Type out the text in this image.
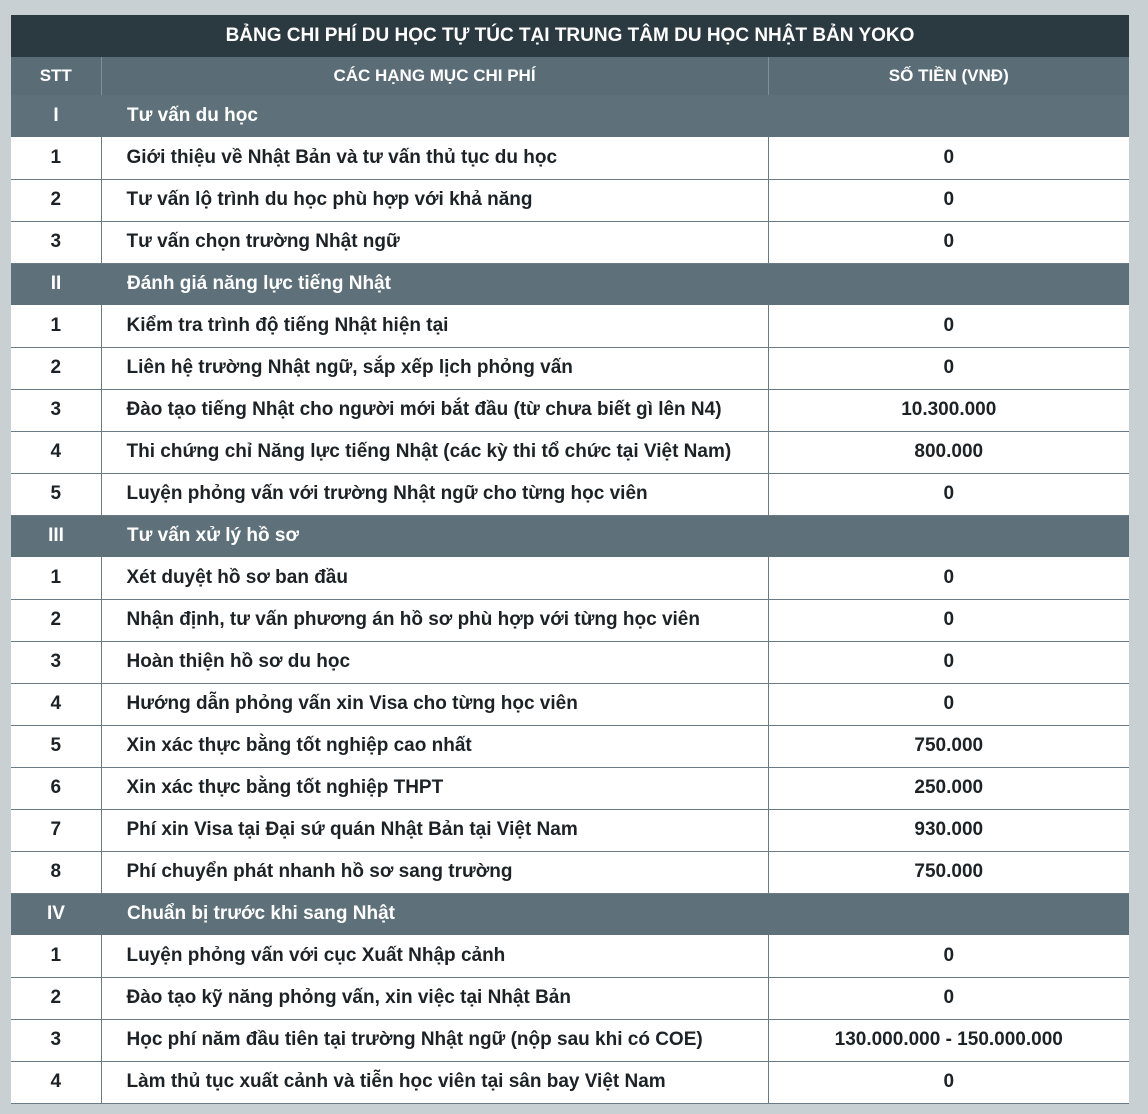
BẢNG CHI PHÍ DU HỌC TỰ TÚC TẠI TRUNG TÂM DU HỌC NHẬT BẢN YOKO		
STT	CÁC HẠNG MỤC CHI PHÍ	SỐ TIỀN (VNĐ)
I	Tư vấn du học	
1	Giới thiệu về Nhật Bản và tư vấn thủ tục du học	0
2	Tư vấn lộ trình du học phù hợp với khả năng	0
3	Tư vấn chọn trường Nhật ngữ	0
II	Đánh giá năng lực tiếng Nhật	
1	Kiểm tra trình độ tiếng Nhật hiện tại	0
2	Liên hệ trường Nhật ngữ, sắp xếp lịch phỏng vấn	0
3	Đào tạo tiếng Nhật cho người mới bắt đầu (từ chưa biết gì lên N4)	10.300.000
4	Thi chứng chỉ Năng lực tiếng Nhật (các kỳ thi tổ chức tại Việt Nam)	800.000
5	Luyện phỏng vấn với trường Nhật ngữ cho từng học viên	0
III	Tư vấn xử lý hồ sơ	
1	Xét duyệt hồ sơ ban đầu	0
2	Nhận định, tư vấn phương án hồ sơ phù hợp với từng học viên	0
3	Hoàn thiện hồ sơ du học	0
4	Hướng dẫn phỏng vấn xin Visa cho từng học viên	0
5	Xin xác thực bằng tốt nghiệp cao nhất	750.000
6	Xin xác thực bằng tốt nghiệp THPT	250.000
7	Phí xin Visa tại Đại sứ quán Nhật Bản tại Việt Nam	930.000
8	Phí chuyển phát nhanh hồ sơ sang trường	750.000
IV	Chuẩn bị trước khi sang Nhật	
1	Luyện phỏng vấn với cục Xuất Nhập cảnh	0
2	Đào tạo kỹ năng phỏng vấn, xin việc tại Nhật Bản	0
3	Học phí năm đầu tiên tại trường Nhật ngữ (nộp sau khi có COE)	130.000.000 - 150.000.000
4	Làm thủ tục xuất cảnh và tiễn học viên tại sân bay Việt Nam	0
